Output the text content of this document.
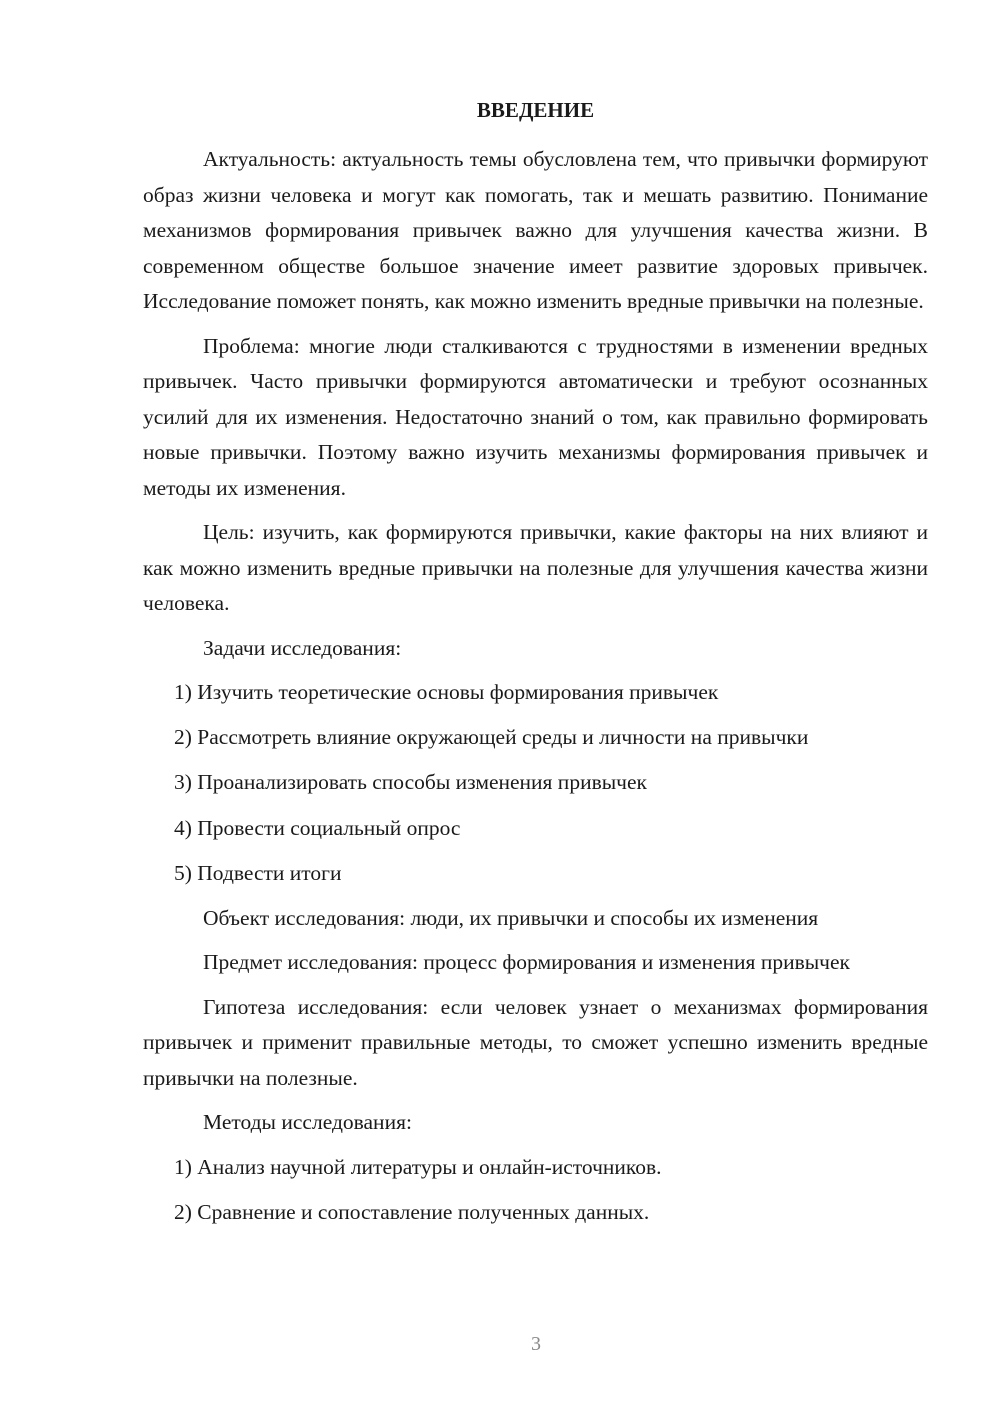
ВВЕДЕНИЕ

Актуальность: актуальность темы обусловлена тем, что привычки формируют образ жизни человека и могут как помогать, так и мешать развитию. Понимание механизмов формирования привычек важно для улучшения качества жизни. В современном обществе большое значение имеет развитие здоровых привычек. Исследование поможет понять, как можно изменить вредные привычки на полезные.

Проблема: многие люди сталкиваются с трудностями в изменении вредных привычек. Часто привычки формируются автоматически и требуют осознанных усилий для их изменения. Недостаточно знаний о том, как правильно формировать новые привычки. Поэтому важно изучить механизмы формирования привычек и методы их изменения.

Цель: изучить, как формируются привычки, какие факторы на них влияют и как можно изменить вредные привычки на полезные для улучшения качества жизни человека.

Задачи исследования:

1) Изучить теоретические основы формирования привычек

2) Рассмотреть влияние окружающей среды и личности на привычки

3) Проанализировать способы изменения привычек

4) Провести социальный опрос

5) Подвести итоги

Объект исследования: люди, их привычки и способы их изменения

Предмет исследования: процесс формирования и изменения привычек

Гипотеза исследования: если человек узнает о механизмах формирования привычек и применит правильные методы, то сможет успешно изменить вредные привычки на полезные.

Методы исследования:

1) Анализ научной литературы и онлайн-источников.

2) Сравнение и сопоставление полученных данных.

3
